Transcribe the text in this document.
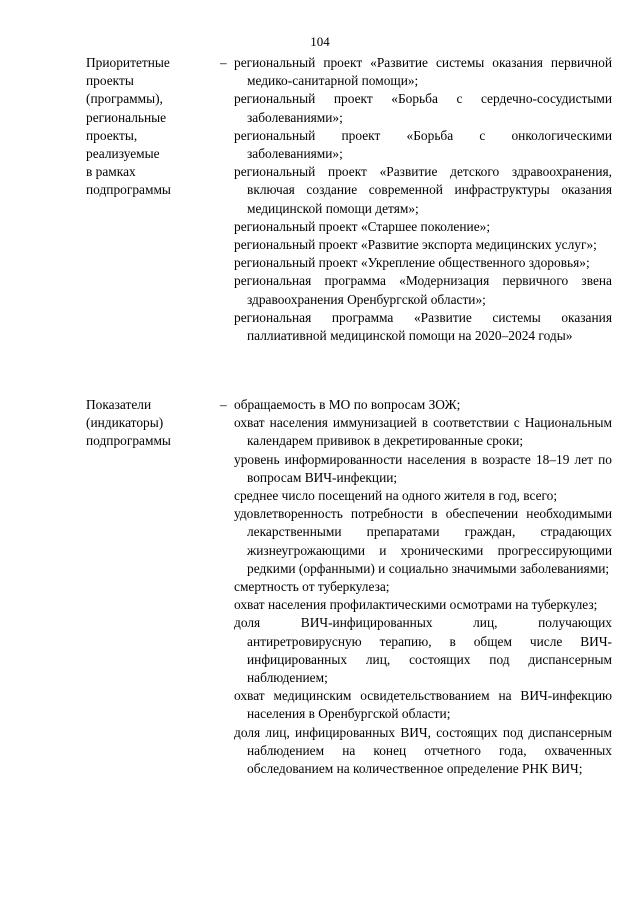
104
Приоритетные
проекты
(программы),
региональные
проекты,
реализуемые
в рамках
подпрограммы
– региональный проект «Развитие системы оказания первичной медико-санитарной помощи»;
региональный проект «Борьба с сердечно-сосудистыми заболеваниями»;
региональный проект «Борьба с онкологическими заболеваниями»;
региональный проект «Развитие детского здравоохранения, включая создание современной инфраструктуры оказания медицинской помощи детям»;
региональный проект «Старшее поколение»;
региональный проект «Развитие экспорта медицинских услуг»;
региональный проект «Укрепление общественного здоровья»;
региональная программа «Модернизация первичного звена здравоохранения Оренбургской области»;
региональная программа «Развитие системы оказания паллиативной медицинской помощи на 2020–2024 годы»
Показатели
(индикаторы)
подпрограммы
– обращаемость в МО по вопросам ЗОЖ;
охват населения иммунизацией в соответствии с Национальным календарем прививок в декретированные сроки;
уровень информированности населения в возрасте 18–19 лет по вопросам ВИЧ-инфекции;
среднее число посещений на одного жителя в год, всего;
удовлетворенность потребности в обеспечении необходимыми лекарственными препаратами граждан, страдающих жизнеугрожающими и хроническими прогрессирующими редкими (орфанными) и социально значимыми заболеваниями;
смертность от туберкулеза;
охват населения профилактическими осмотрами на туберкулез;
доля ВИЧ-инфицированных лиц, получающих антиретровирусную терапию, в общем числе ВИЧ-инфицированных лиц, состоящих под диспансерным наблюдением;
охват медицинским освидетельствованием на ВИЧ-инфекцию населения в Оренбургской области;
доля лиц, инфицированных ВИЧ, состоящих под диспансерным наблюдением на конец отчетного года, охваченных обследованием на количественное определение РНК ВИЧ;
